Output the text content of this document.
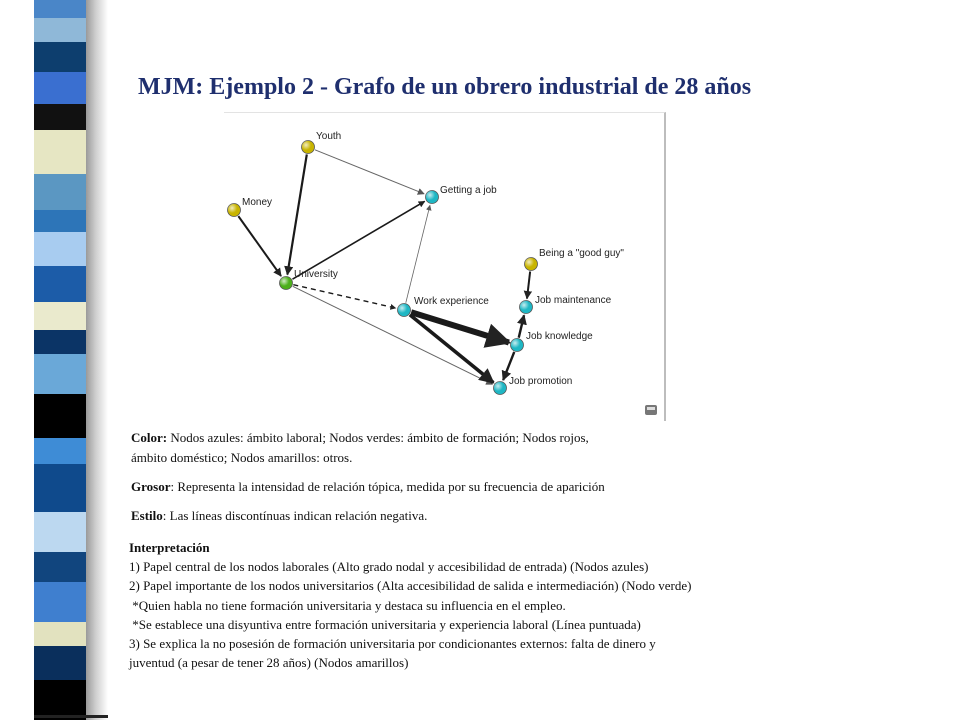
MJM: Ejemplo 2 - Grafo de un obrero industrial de 28 años
Youth
Money
University
Getting a job
Work experience
Being a "good guy"
Job maintenance
Job knowledge
Job promotion
Color: Nodos azules: ámbito laboral; Nodos verdes: ámbito de formación; Nodos rojos,
ámbito doméstico; Nodos amarillos: otros.
Grosor: Representa la intensidad de relación tópica, medida por su frecuencia de aparición
Estilo: Las líneas discontínuas indican relación negativa.
Interpretación
1) Papel central de los nodos laborales (Alto grado nodal y accesibilidad de entrada) (Nodos azules)
2) Papel importante de los nodos universitarios (Alta accesibilidad de salida e intermediación) (Nodo verde)
*Quien habla no tiene formación universitaria y destaca su influencia en el empleo.
*Se establece una disyuntiva entre formación universitaria y experiencia laboral (Línea puntuada)
3) Se explica la no posesión de formación universitaria por condicionantes externos: falta de dinero y
juventud (a pesar de tener 28 años) (Nodos amarillos)
